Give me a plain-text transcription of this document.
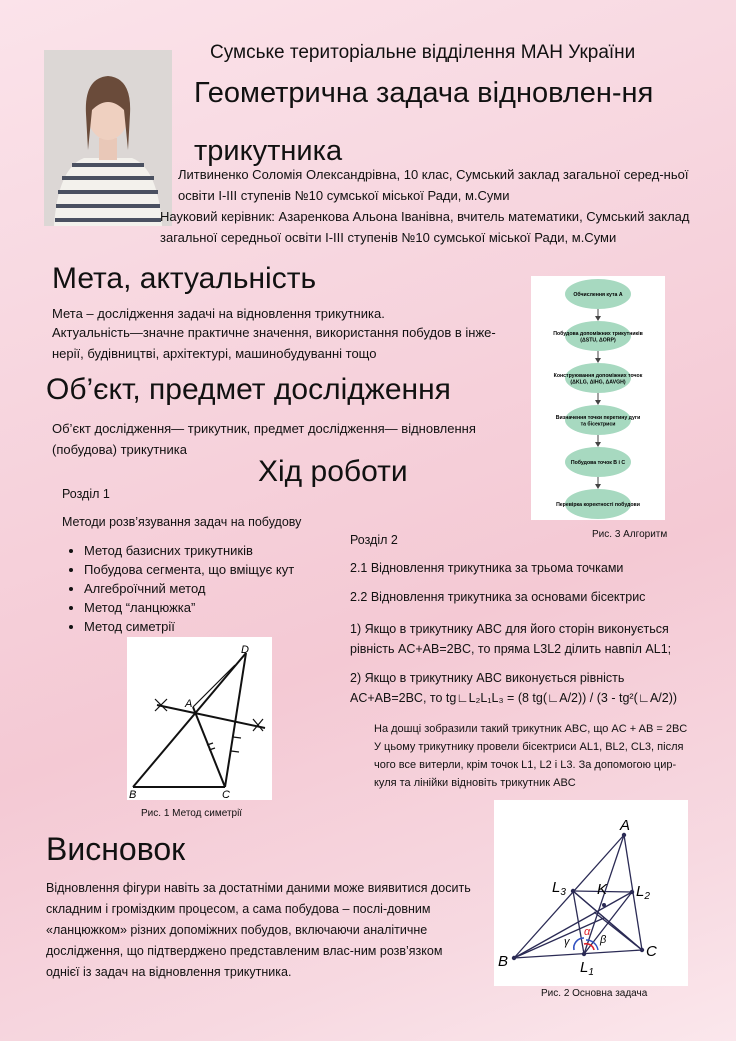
Сумське територіальне відділення МАН України
Геометрична задача відновлен-ня трикутника
Литвиненко Соломія Олександрівна, 10 клас, Сумський заклад загальної серед-ньої освіти І-ІІІ ступенів №10 сумської міської Ради, м.Суми
Науковий керівник: Азаренкова Альона Іванівна, вчитель математики, Сумський заклад загальної середньої освіти І-ІІІ ступенів №10 сумської міської Ради, м.Суми
Мета, актуальність
Мета – дослідження задачі на відновлення трикутника.
Актуальність—значне практичне значення, використання побудов в інже-нерії, будівництві, архітектурі, машинобудуванні тощо
Об’єкт, предмет дослідження
Об’єкт дослідження— трикутник, предмет дослідження— відновлення (побудова) трикутника
Хід роботи
Розділ 1
Методи розв’язування задач на побудову
• Метод базисних трикутників
• Побудова сегмента, що вміщує кут
• Алгеброїчний метод
• Метод “ланцюжка”
• Метод симетрії
Розділ 2
2.1 Відновлення трикутника за трьома точками
2.2 Відновлення трикутника за основами бісектрис
1) Якщо в трикутнику ABC для його сторін виконується рівність AC+AB=2BC, то пряма L3L2 ділить навпіл AL1;
2) Якщо в трикутнику ABC виконується рівність
AC+AB=2BC, то tg∟L₂L₁L₃ = (8 tg(∟A/2)) / (3 - tg²(∟A/2))
На дошці зобразили такий трикутник ABC, що AC + AB = 2BC У цьому трикутнику провели бісектриси AL1, BL2, CL3, після чого все витерли, крім точок L1, L2 і L3. За допомогою цир-куля та лінійки відновіть трикутник ABC
Обчислення кута А
Побудова допоміжних трикутників (ΔSTU, ΔORP)
Конструювання допоміжних точок (ΔKLG, ΔIHG, ΔAVGH)
Визначення точки перетину дуги та бісектриси
Побудова точок B і C
Перевірка коректності побудови
Рис. 3 Алгоритм
D
A
B	C
Рис. 1 Метод симетрії
Висновок
Відновлення фігури навіть за достатніми даними може виявитися досить складним і громіздким процесом, а сама побудова – послі-довним «ланцюжком» різних допоміжних побудов, включаючи аналітичне дослідження, що підтверджено представленим влас-ним розв’язком однієї із задач на відновлення трикутника.
A
B
C
K
$L_3$	$L_2$
$L_1$
γ
α
β
Рис. 2 Основна задача
